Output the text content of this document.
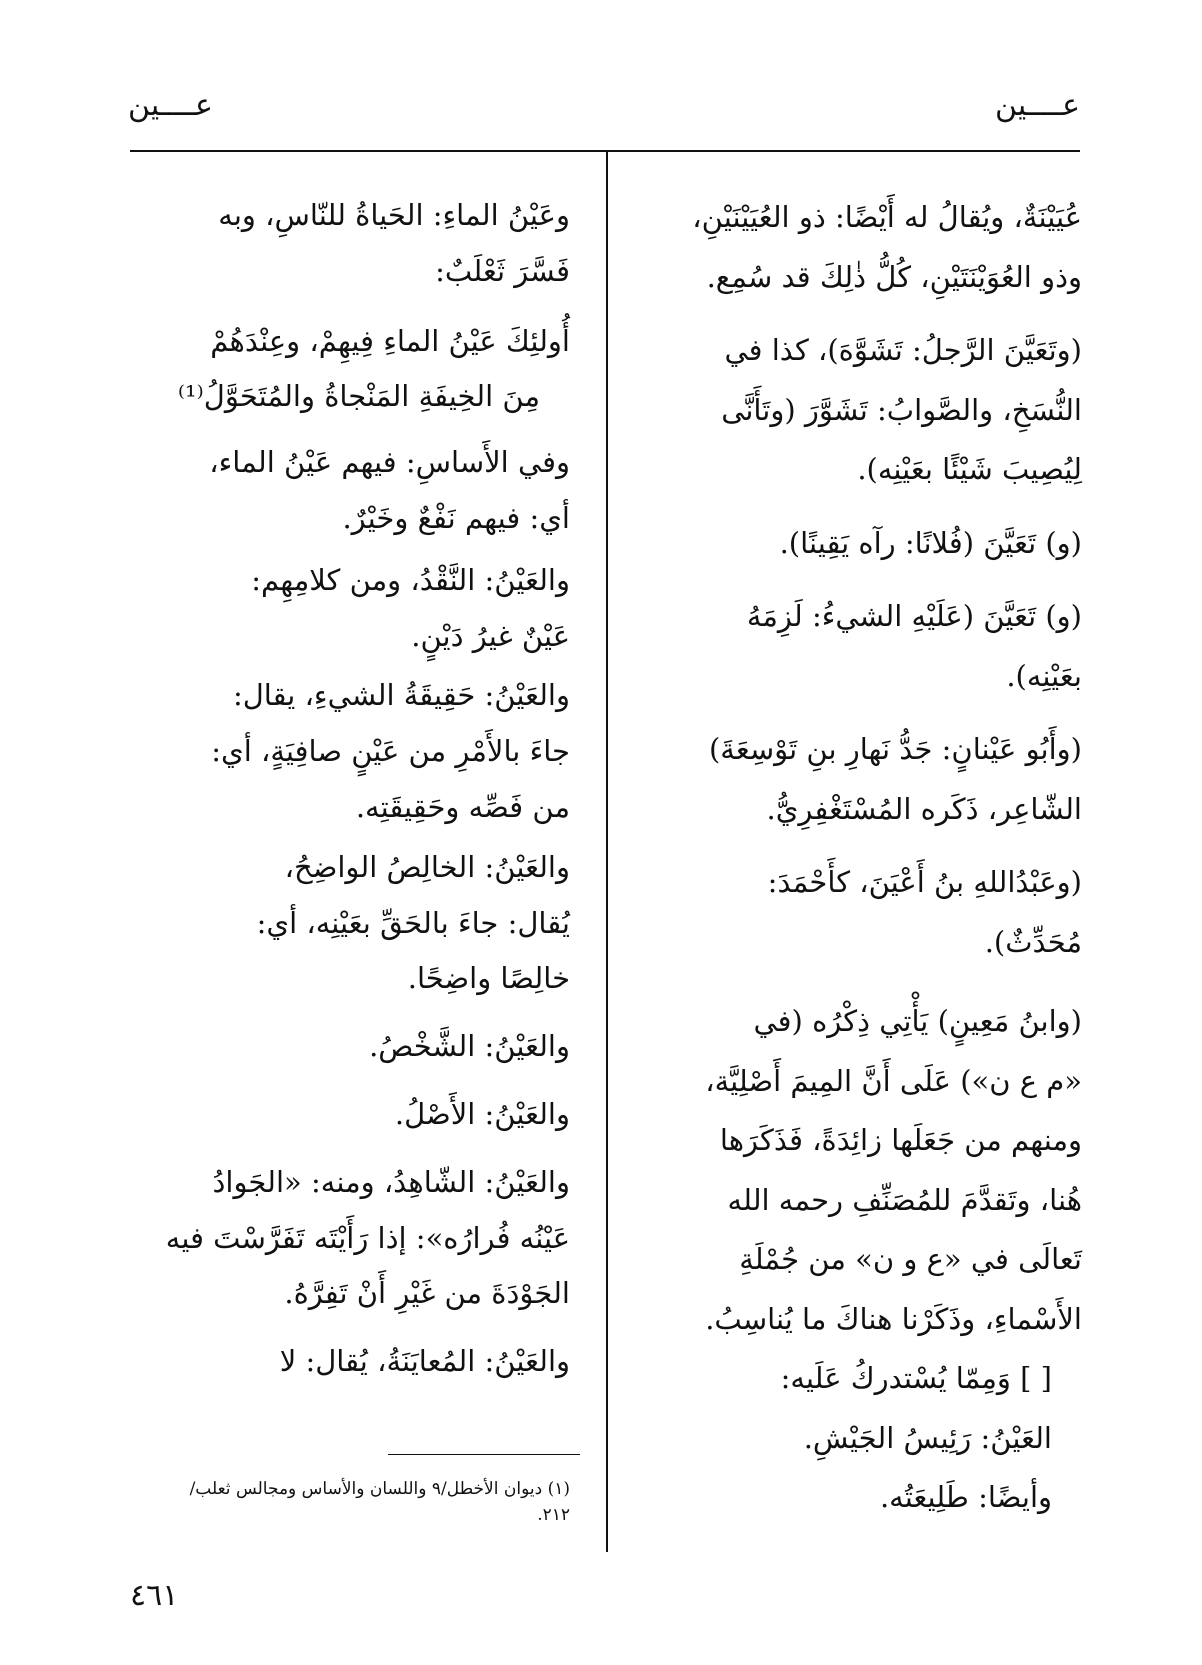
عــــين
عــــين

عُيَيْنَةٌ، ويُقالُ له أَيْضًا: ذو العُيَيْنَيْنِ،

وذو العُوَيْنَتَيْنِ، كُلُّ ذٰلِكَ قد سُمِع.

(وتَعَيَّنَ الرَّجلُ: تَشَوَّهَ)، كذا في

النُّسَخِ، والصَّوابُ: تَشَوَّرَ (وتَأَنَّى

لِيُصِيبَ شَيْئًا بعَيْنِه).

(و) تَعَيَّنَ (فُلانًا: رآه يَقِينًا).

(و) تَعَيَّنَ (عَلَيْهِ الشيءُ: لَزِمَهُ

بعَيْنِه).

(وأَبُو عَيْنانٍ: جَدُّ نَهارِ بنِ تَوْسِعَةَ)

الشّاعِر، ذَكَره المُسْتَغْفِرِيُّ.

(وعَبْدُاللهِ بنُ أَعْيَنَ، كأَحْمَدَ:

مُحَدِّثٌ).

(وابنُ مَعِينٍ) يَأْتِي ذِكْرُه (في

«م ع ن») عَلَى أَنَّ المِيمَ أَصْلِيَّة،

ومنهم من جَعَلَها زائِدَةً، فَذَكَرَها

هُنا، وتَقدَّمَ للمُصَنِّفِ رحمه الله

تَعالَى في «ع و ن» من جُمْلَةِ

الأَسْماءِ، وذَكَرْنا هناكَ ما يُناسِبُ.

[ ] وَمِمّا يُسْتدركُ عَلَيه:

العَيْنُ: رَئِيسُ الجَيْشِ.

وأيضًا: طَلِيعَتُه.

وعَيْنُ الماءِ: الحَياةُ للنّاسِ، وبه

فَسَّرَ ثَعْلَبٌ:

أُولئِكَ عَيْنُ الماءِ فِيهِمْ، وعِنْدَهُمْ

مِنَ الخِيفَةِ المَنْجاةُ والمُتَحَوَّلُ⁽¹⁾

وفي الأَساسِ: فيهم عَيْنُ الماء،

أي: فيهم نَفْعٌ وخَيْرٌ.

والعَيْنُ: النَّقْدُ، ومن كلامِهِم:

عَيْنٌ غيرُ دَيْنٍ.

والعَيْنُ: حَقِيقَةُ الشيءِ، يقال:

جاءَ بالأَمْرِ من عَيْنٍ صافِيَةٍ، أي:

من فَصِّه وحَقِيقَتِه.

والعَيْنُ: الخالِصُ الواضِحُ،

يُقال: جاءَ بالحَقِّ بعَيْنِه، أي:

خالِصًا واضِحًا.

والعَيْنُ: الشَّخْصُ.

والعَيْنُ: الأَصْلُ.

والعَيْنُ: الشّاهِدُ، ومنه: «الجَوادُ

عَيْنُه فُرارُه»: إذا رَأَيْتَه تَفَرَّسْتَ فيه

الجَوْدَةَ من غَيْرِ أَنْ تَفِرَّهُ.

والعَيْنُ: المُعايَنَةُ، يُقال: لا

(١) ديوان الأخطل/٩ واللسان والأساس ومجالس ثعلب/
٢١٢.
٤٦١
